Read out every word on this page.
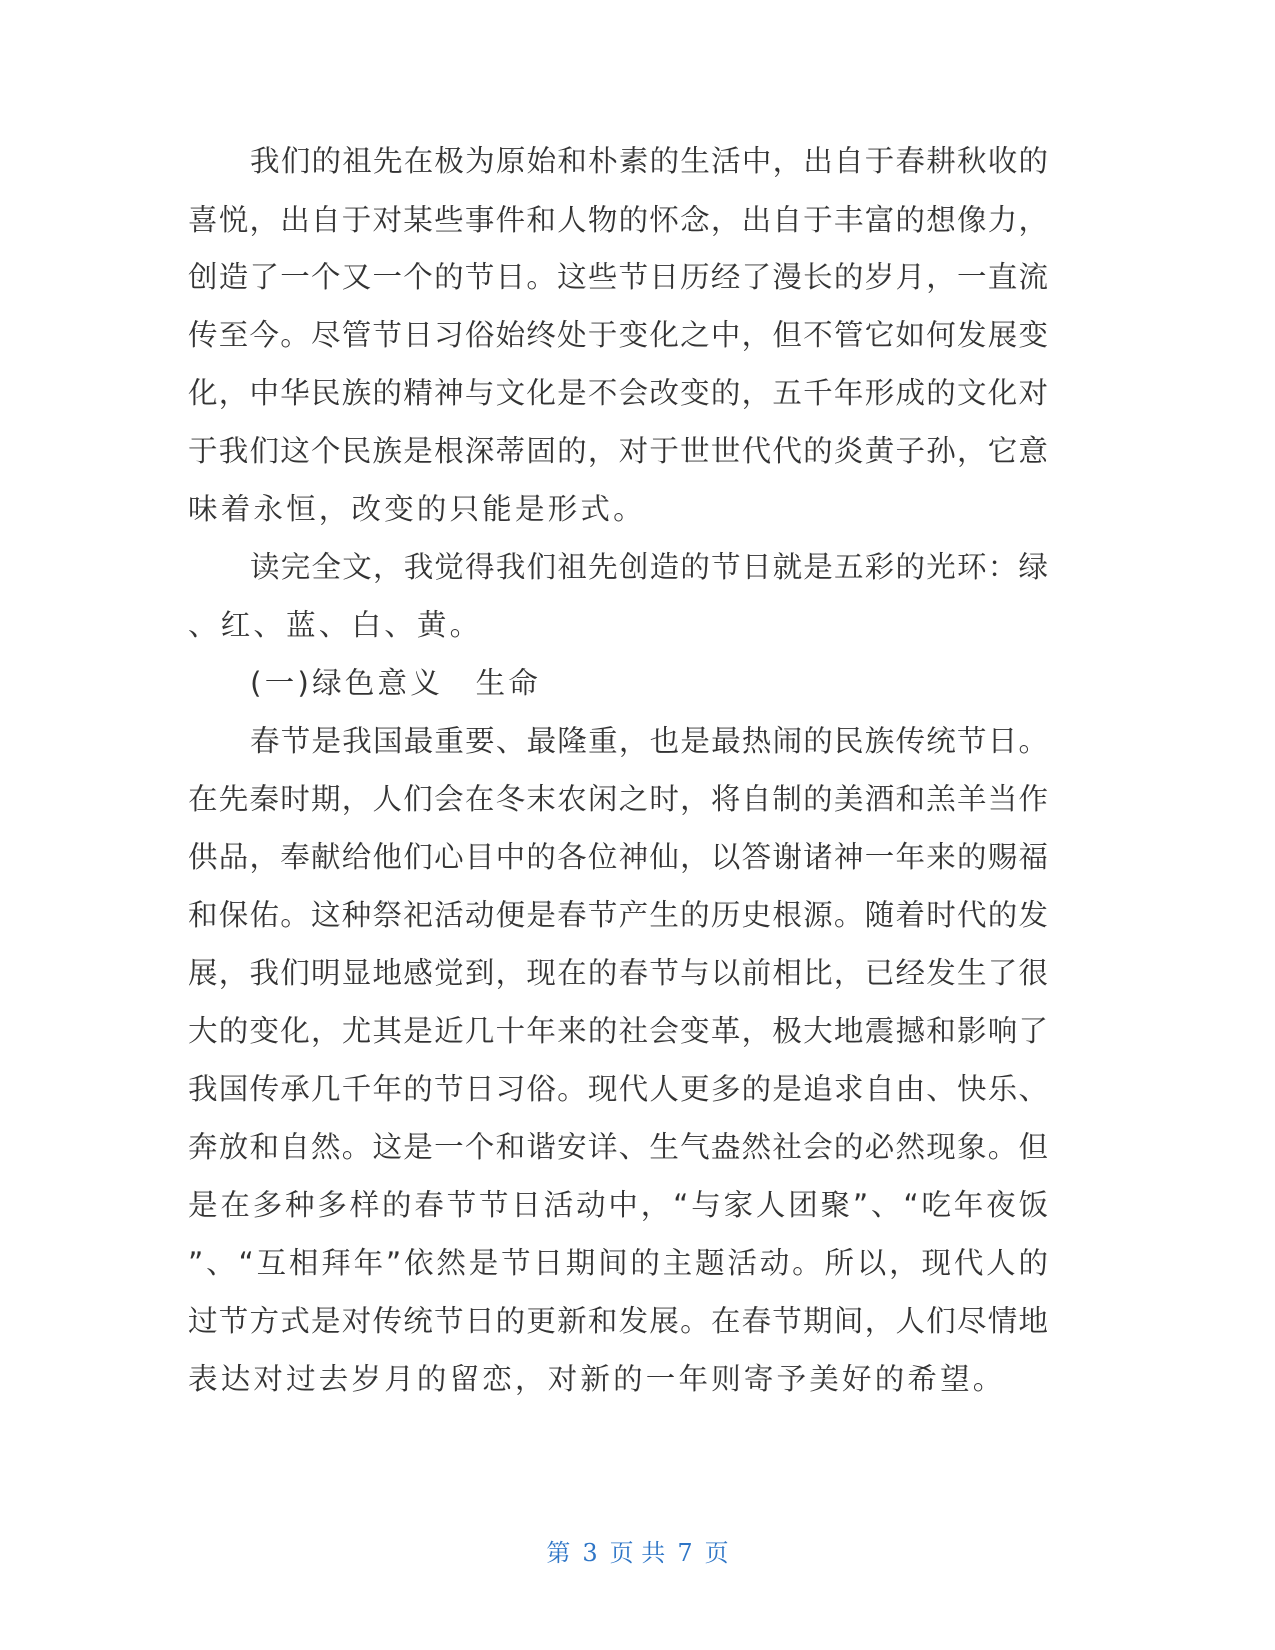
我们的祖先在极为原始和朴素的生活中，出自于春耕秋收的
喜悦，出自于对某些事件和人物的怀念，出自于丰富的想像力，
创造了一个又一个的节日。这些节日历经了漫长的岁月，一直流
传至今。尽管节日习俗始终处于变化之中，但不管它如何发展变
化，中华民族的精神与文化是不会改变的，五千年形成的文化对
于我们这个民族是根深蒂固的，对于世世代代的炎黄子孙，它意
味着永恒，改变的只能是形式。
读完全文，我觉得我们祖先创造的节日就是五彩的光环：绿
、红、蓝、白、黄。
(一)绿色意义　生命
春节是我国最重要、最隆重，也是最热闹的民族传统节日。
在先秦时期，人们会在冬末农闲之时，将自制的美酒和羔羊当作
供品，奉献给他们心目中的各位神仙，以答谢诸神一年来的赐福
和保佑。这种祭祀活动便是春节产生的历史根源。随着时代的发
展，我们明显地感觉到，现在的春节与以前相比，已经发生了很
大的变化，尤其是近几十年来的社会变革，极大地震撼和影响了
我国传承几千年的节日习俗。现代人更多的是追求自由、快乐、
奔放和自然。这是一个和谐安详、生气盎然社会的必然现象。但
是在多种多样的春节节日活动中，“与家人团聚”、“吃年夜饭
”、“互相拜年”依然是节日期间的主题活动。所以，现代人的
过节方式是对传统节日的更新和发展。在春节期间，人们尽情地
表达对过去岁月的留恋，对新的一年则寄予美好的希望。
第 3 页 共 7 页
